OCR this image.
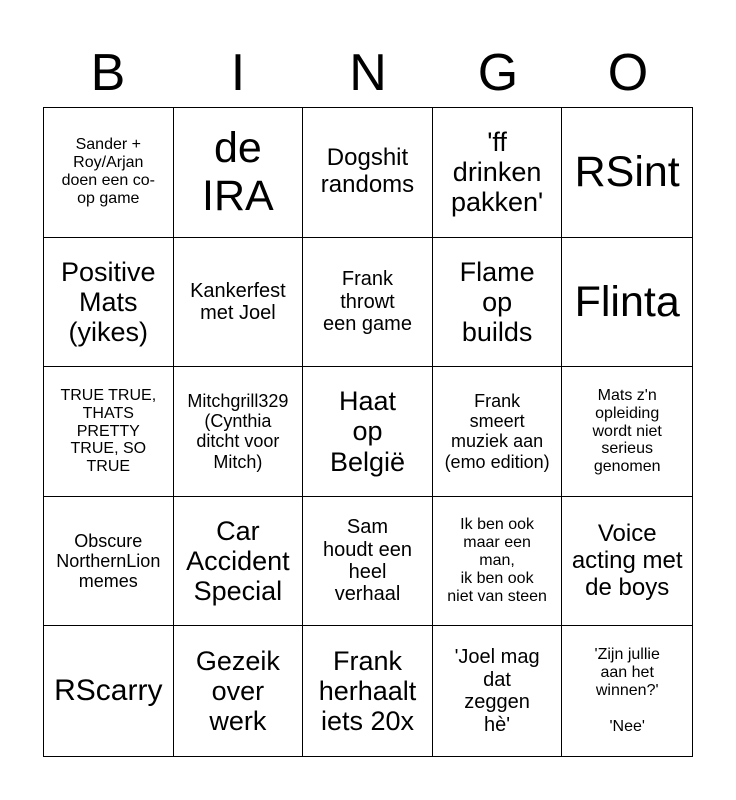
B	I	N	G	O
Sander +
Roy/Arjan
doen een co-
op game
de
IRA
Dogshit
randoms
'ff
drinken
pakken'
RSint
Positive
Mats
(yikes)
Kankerfest
met Joel
Frank
throwt
een game
Flame
op
builds
Flinta
TRUE TRUE,
THATS
PRETTY
TRUE, SO
TRUE
Mitchgrill329
(Cynthia
ditcht voor
Mitch)
Haat
op
België
Frank
smeert
muziek aan
(emo edition)
Mats z'n
opleiding
wordt niet
serieus
genomen
Obscure
NorthernLion
memes
Car
Accident
Special
Sam
houdt een
heel
verhaal
Ik ben ook
maar een
man,
ik ben ook
niet van steen
Voice
acting met
de boys
RScarry
Gezeik
over
werk
Frank
herhaalt
iets 20x
'Joel mag
dat
zeggen
hè'
'Zijn jullie
aan het
winnen?'

'Nee'
